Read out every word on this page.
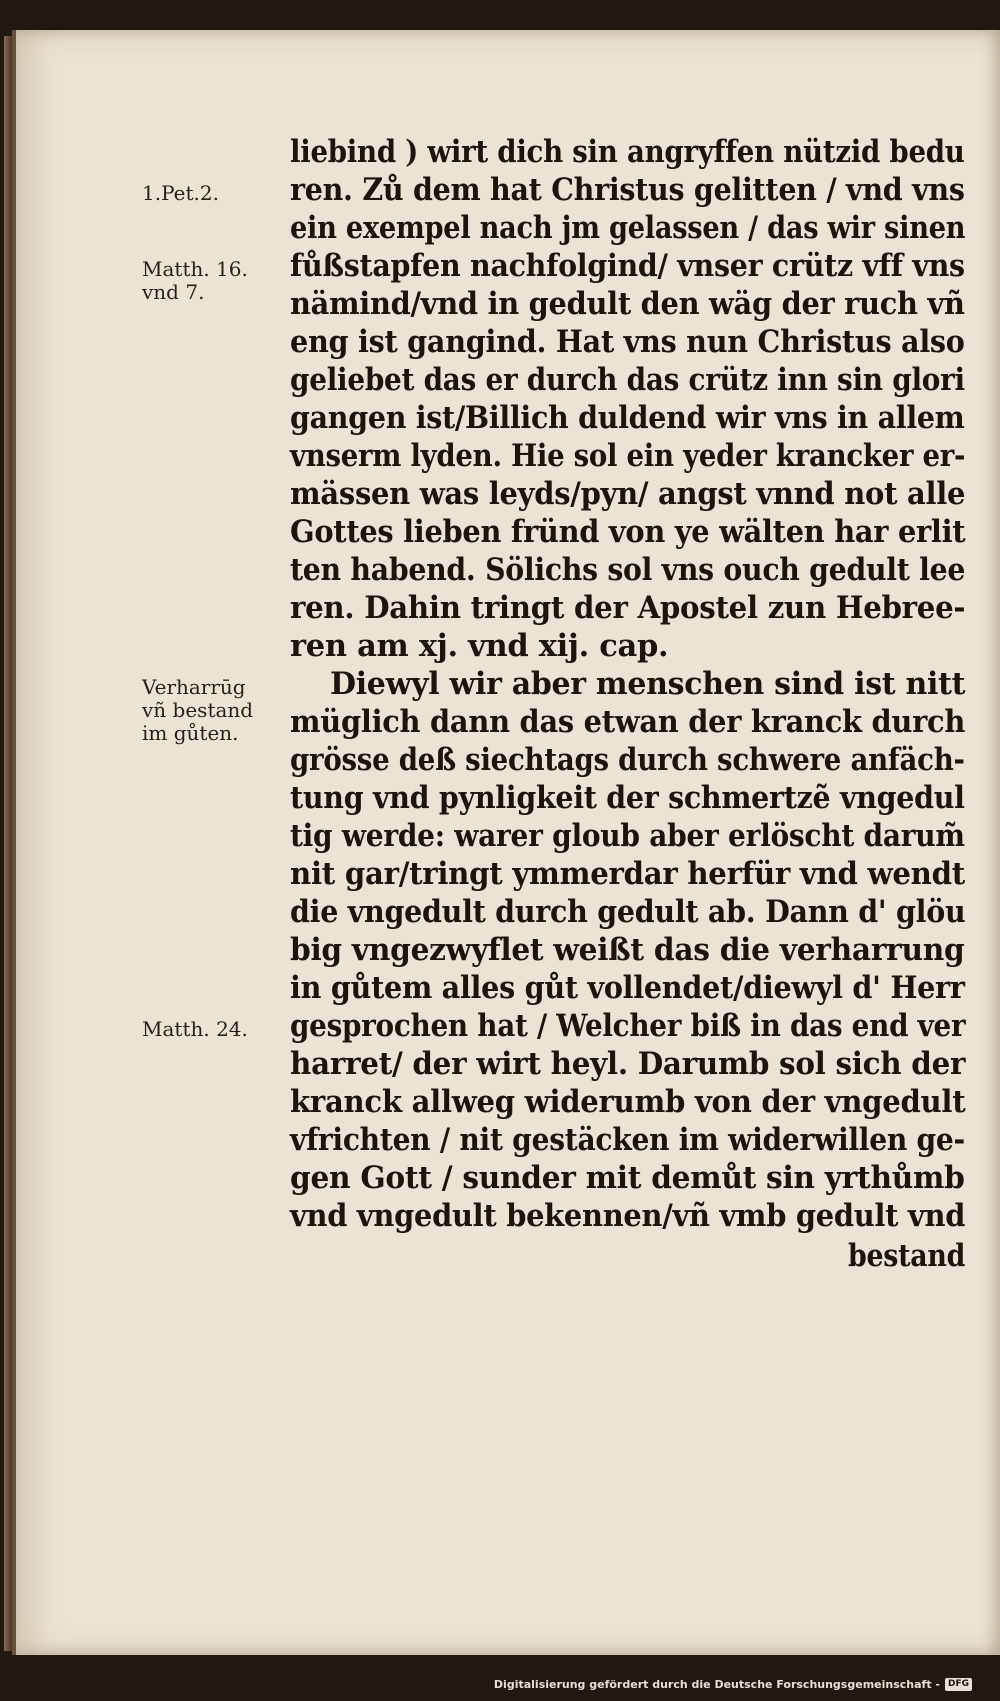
liebind ) wirt dich sin angryffen nützid bedu
ren. Zů dem hat Christus gelitten / vnd vns
ein exempel nach jm gelassen / das wir sinen
fůßstapfen nachfolgind/ vnser crütz vff vns
nämind/vnd in gedult den wäg der ruch vñ
eng ist gangind. Hat vns nun Christus also
geliebet das er durch das crütz inn sin glori
gangen ist/Billich duldend wir vns in allem
vnserm lyden. Hie sol ein yeder krancker er-
mässen was leyds/pyn/ angst vnnd not alle
Gottes lieben fründ von ye wälten har erlit
ten habend. Sölichs sol vns ouch gedult lee
ren. Dahin tringt der Apostel zun Hebree-
ren am xj. vnd xij. cap.
Diewyl wir aber menschen sind ist nitt
müglich dann das etwan der kranck durch
grösse deß siechtags durch schwere anfäch-
tung vnd pynligkeit der schmertzẽ vngedul
tig werde: warer gloub aber erlöscht darum̃
nit gar/tringt ymmerdar herfür vnd wendt
die vngedult durch gedult ab. Dann d' glöu
big vngezwyflet weißt das die verharrung
in gůtem alles gůt vollendet/diewyl d' Herr
gesprochen hat / Welcher biß in das end ver
harret/ der wirt heyl. Darumb sol sich der
kranck allweg widerumb von der vngedult
vfrichten / nit gestäcken im widerwillen ge-
gen Gott / sunder mit demůt sin yrthůmb
vnd vngedult bekennen/vñ vmb gedult vnd
bestand
1.Pet.2.
Matth. 16.
vnd 7.
Verharrūg
vñ bestand
im gůten.
Matth. 24.
Digitalisierung gefördert durch die Deutsche Forschungsgemeinschaft - DFG
